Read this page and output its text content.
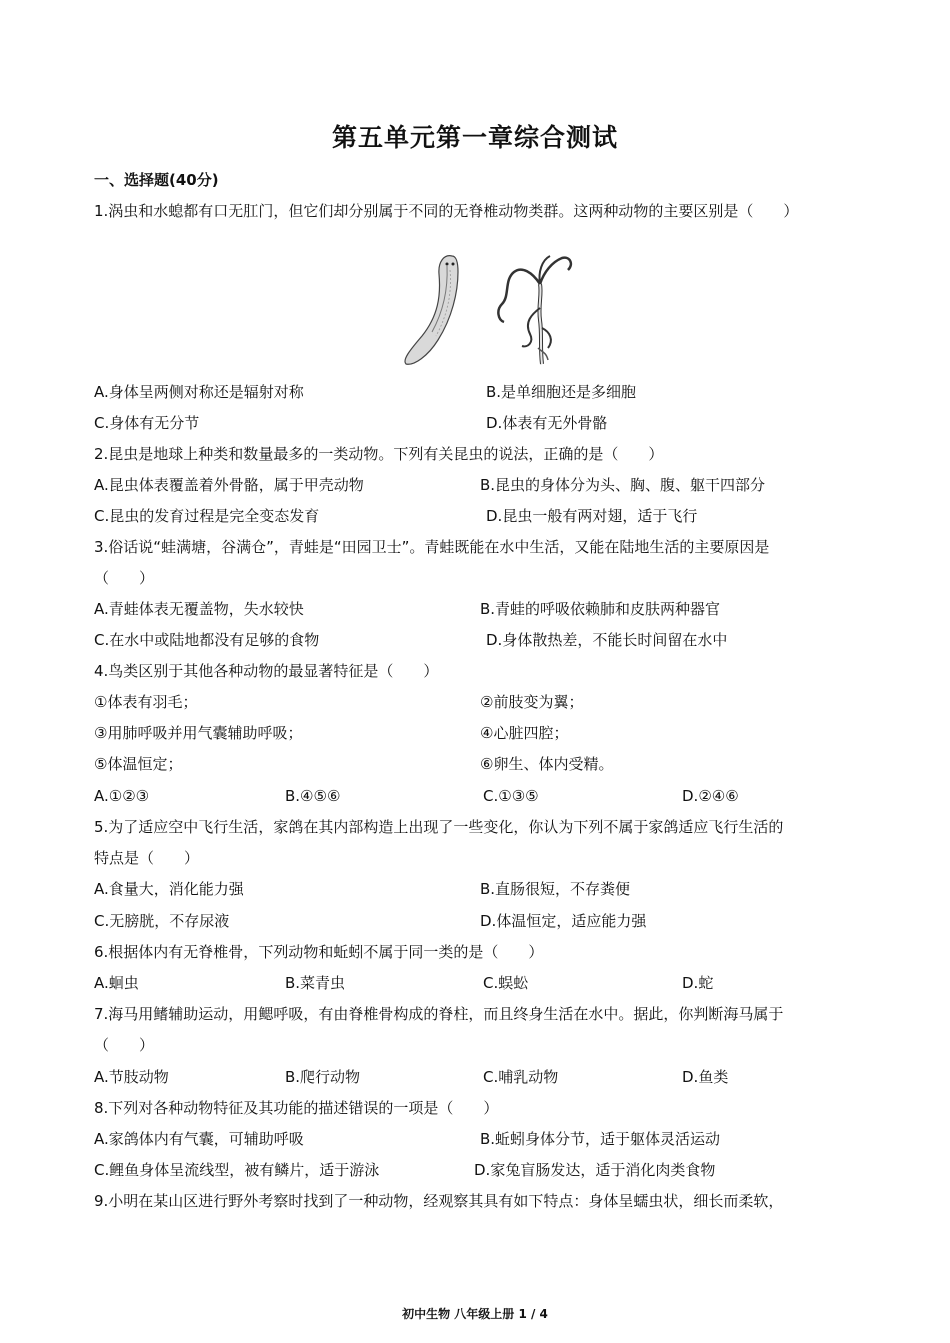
第五单元第一章综合测试
一、选择题(40分)
1.涡虫和水螅都有口无肛门，但它们却分别属于不同的无脊椎动物类群。这两种动物的主要区别是（　　）
A.身体呈两侧对称还是辐射对称	B.是单细胞还是多细胞
C.身体有无分节	D.体表有无外骨骼
2.昆虫是地球上种类和数量最多的一类动物。下列有关昆虫的说法，正确的是（　　）
A.昆虫体表覆盖着外骨骼，属于甲壳动物	B.昆虫的身体分为头、胸、腹、躯干四部分
C.昆虫的发育过程是完全变态发育	D.昆虫一般有两对翅，适于飞行
3.俗话说“蛙满塘，谷满仓”，青蛙是“田园卫士”。青蛙既能在水中生活，又能在陆地生活的主要原因是
（　　）
A.青蛙体表无覆盖物，失水较快	B.青蛙的呼吸依赖肺和皮肤两种器官
C.在水中或陆地都没有足够的食物	D.身体散热差，不能长时间留在水中
4.鸟类区别于其他各种动物的最显著特征是（　　）
①体表有羽毛；	②前肢变为翼；
③用肺呼吸并用气囊辅助呼吸；	④心脏四腔；
⑤体温恒定；	⑥卵生、体内受精。
A.①②③	B.④⑤⑥	C.①③⑤	D.②④⑥
5.为了适应空中飞行生活，家鸽在其内部构造上出现了一些变化，你认为下列不属于家鸽适应飞行生活的
特点是（　　）
A.食量大，消化能力强	B.直肠很短，不存粪便
C.无膀胱，不存尿液	D.体温恒定，适应能力强
6.根据体内有无脊椎骨，下列动物和蚯蚓不属于同一类的是（　　）
A.蛔虫	B.菜青虫	C.蜈蚣	D.蛇
7.海马用鳍辅助运动，用鳃呼吸，有由脊椎骨构成的脊柱，而且终身生活在水中。据此，你判断海马属于
（　　）
A.节肢动物	B.爬行动物	C.哺乳动物	D.鱼类
8.下列对各种动物特征及其功能的描述错误的一项是（　　）
A.家鸽体内有气囊，可辅助呼吸	B.蚯蚓身体分节，适于躯体灵活运动
C.鲤鱼身体呈流线型，被有鳞片，适于游泳	D.家兔盲肠发达，适于消化肉类食物
9.小明在某山区进行野外考察时找到了一种动物，经观察其具有如下特点：身体呈蠕虫状，细长而柔软，
初中生物 八年级上册 1 / 4
